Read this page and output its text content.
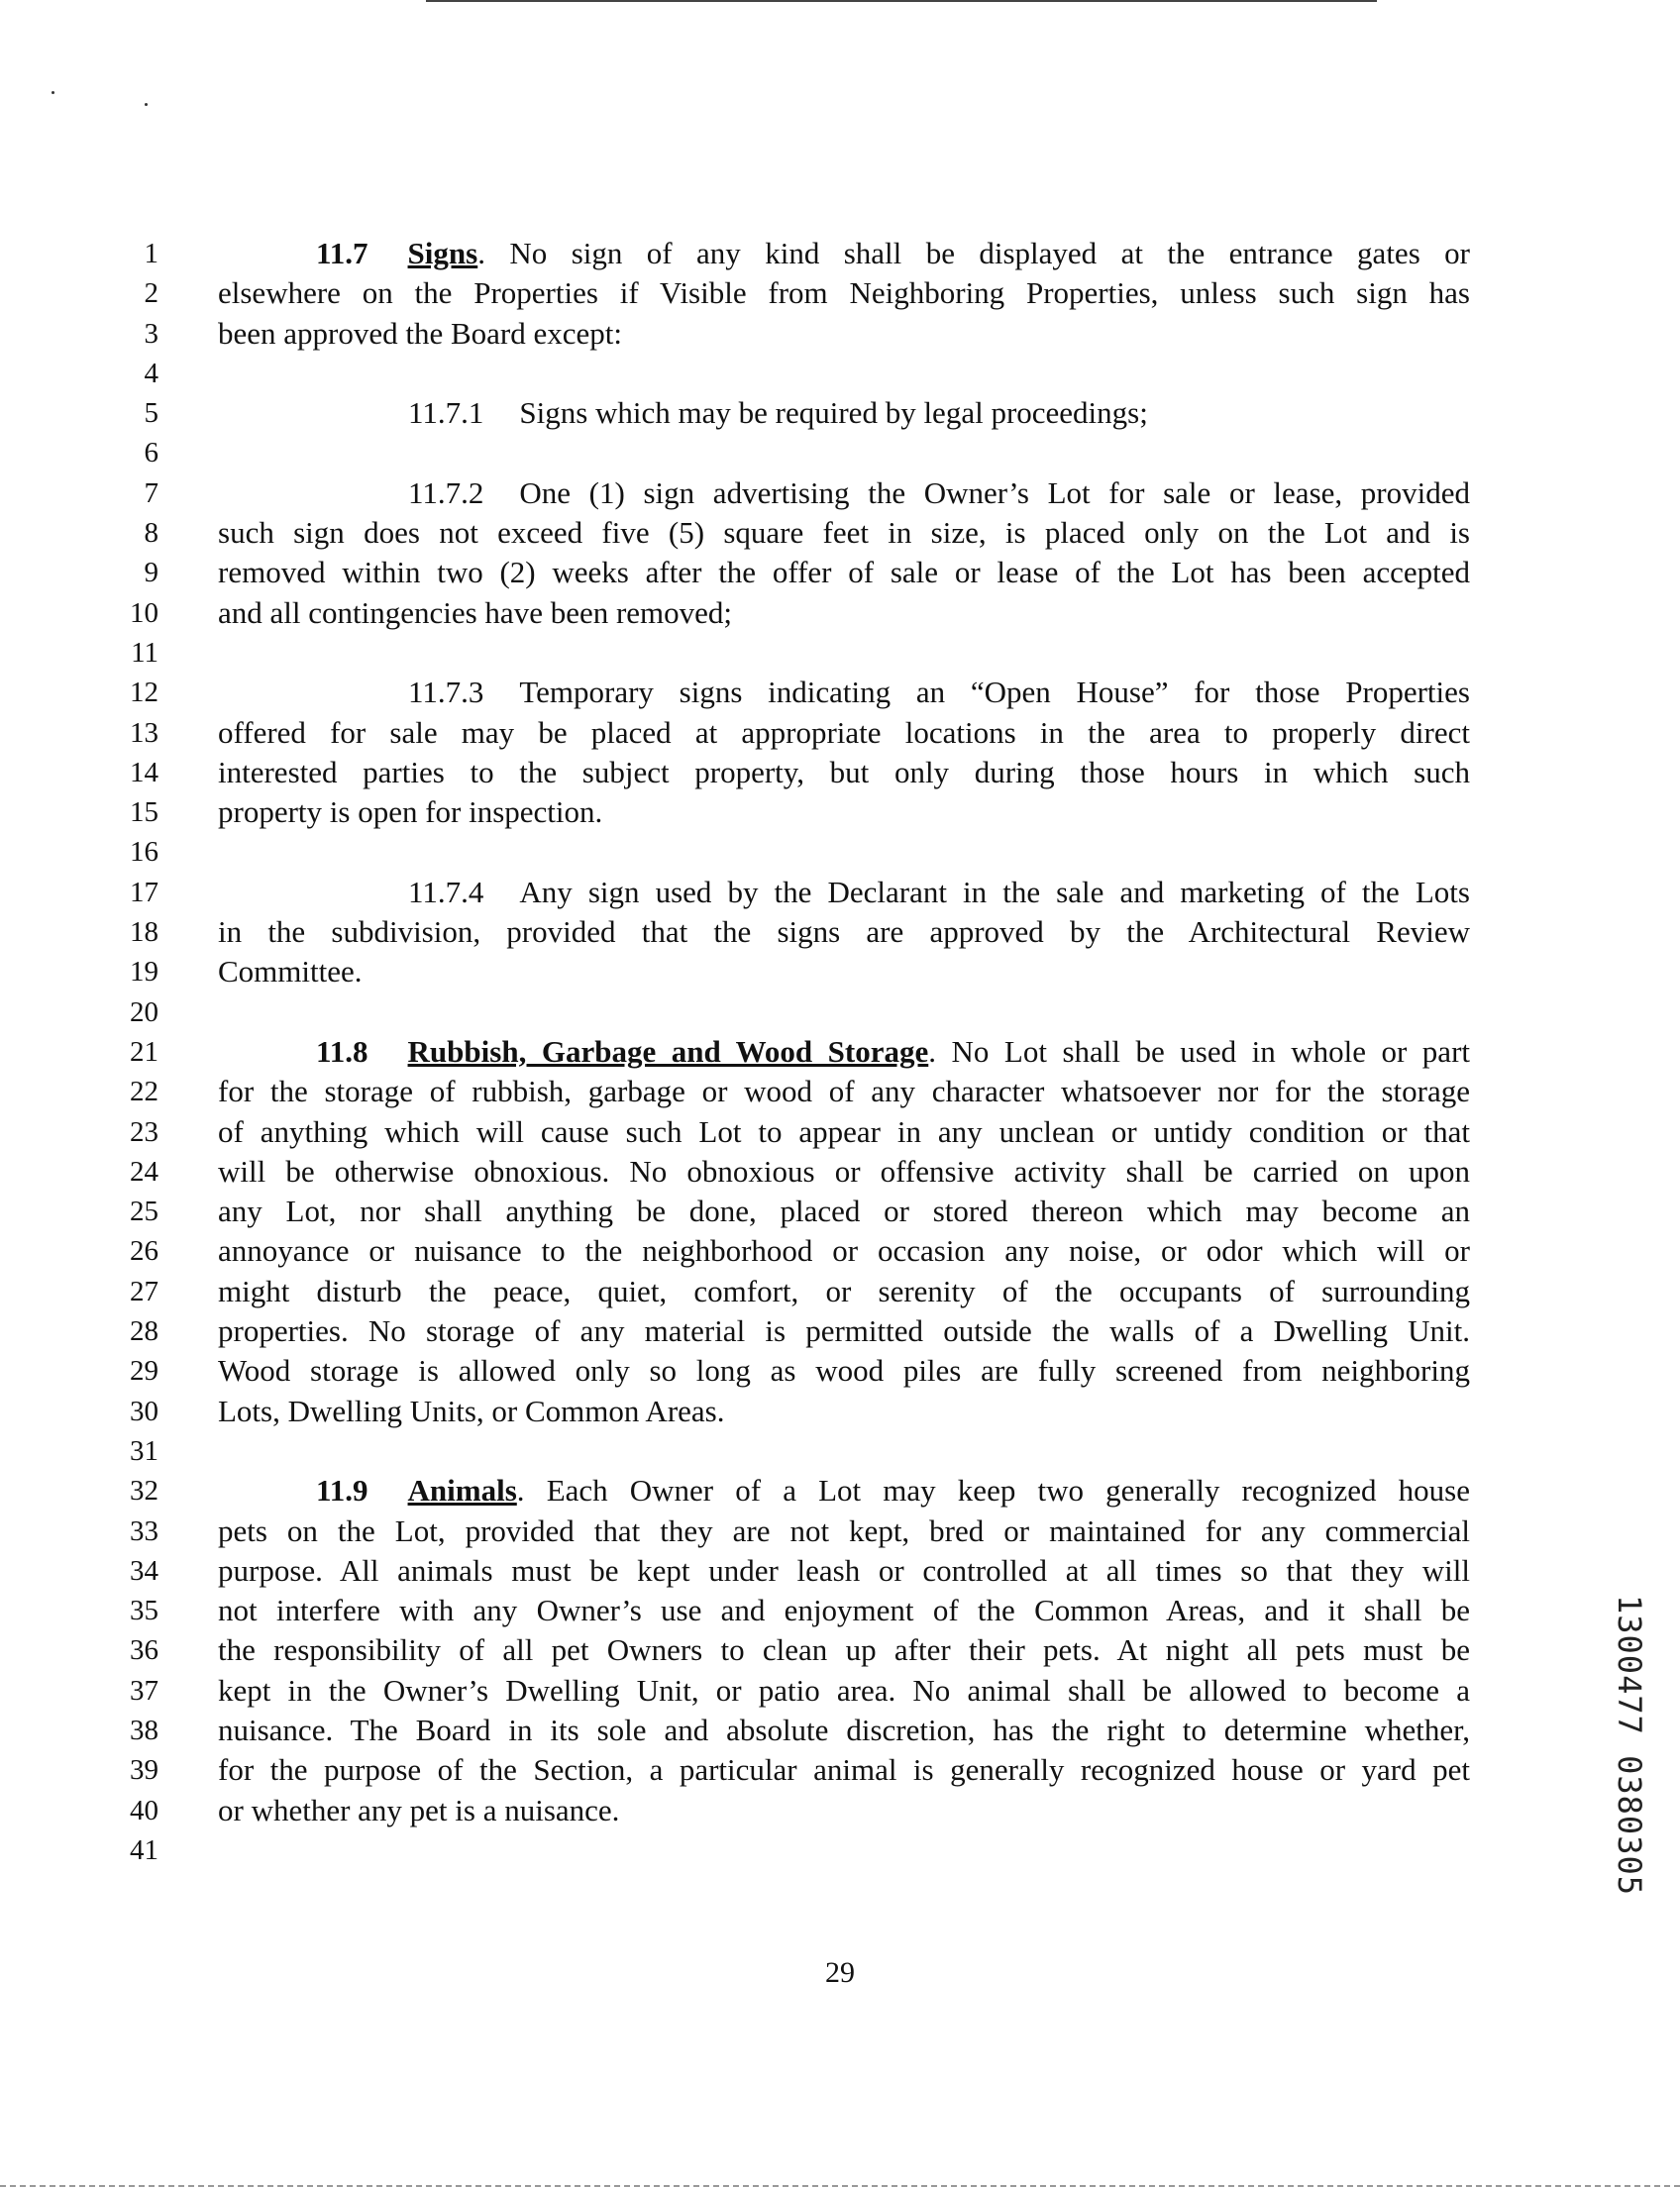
1
2
3
4
5
6
7
8
9
10
11
12
13
14
15
16
17
18
19
20
21
22
23
24
25
26
27
28
29
30
31
32
33
34
35
36
37
38
39
40
41
11.7 Signs. No sign of any kind shall be displayed at the entrance gates or
elsewhere on the Properties if Visible from Neighboring Properties, unless such sign has
been approved the Board except:
11.7.1 Signs which may be required by legal proceedings;
11.7.2 One (1) sign advertising the Owner’s Lot for sale or lease, provided
such sign does not exceed five (5) square feet in size, is placed only on the Lot and is
removed within two (2) weeks after the offer of sale or lease of the Lot has been accepted
and all contingencies have been removed;
11.7.3 Temporary signs indicating an “Open House” for those Properties
offered for sale may be placed at appropriate locations in the area to properly direct
interested parties to the subject property, but only during those hours in which such
property is open for inspection.
11.7.4 Any sign used by the Declarant in the sale and marketing of the Lots
in the subdivision, provided that the signs are approved by the Architectural Review
Committee.
11.8 Rubbish, Garbage and Wood Storage. No Lot shall be used in whole or part
for the storage of rubbish, garbage or wood of any character whatsoever nor for the storage
of anything which will cause such Lot to appear in any unclean or untidy condition or that
will be otherwise obnoxious. No obnoxious or offensive activity shall be carried on upon
any Lot, nor shall anything be done, placed or stored thereon which may become an
annoyance or nuisance to the neighborhood or occasion any noise, or odor which will or
might disturb the peace, quiet, comfort, or serenity of the occupants of surrounding
properties. No storage of any material is permitted outside the walls of a Dwelling Unit.
Wood storage is allowed only so long as wood piles are fully screened from neighboring
Lots, Dwelling Units, or Common Areas.
11.9 Animals. Each Owner of a Lot may keep two generally recognized house
pets on the Lot, provided that they are not kept, bred or maintained for any commercial
purpose. All animals must be kept under leash or controlled at all times so that they will
not interfere with any Owner’s use and enjoyment of the Common Areas, and it shall be
the responsibility of all pet Owners to clean up after their pets. At night all pets must be
kept in the Owner’s Dwelling Unit, or patio area. No animal shall be allowed to become a
nuisance. The Board in its sole and absolute discretion, has the right to determine whether,
for the purpose of the Section, a particular animal is generally recognized house or yard pet
or whether any pet is a nuisance.	1300477 0380305
29
